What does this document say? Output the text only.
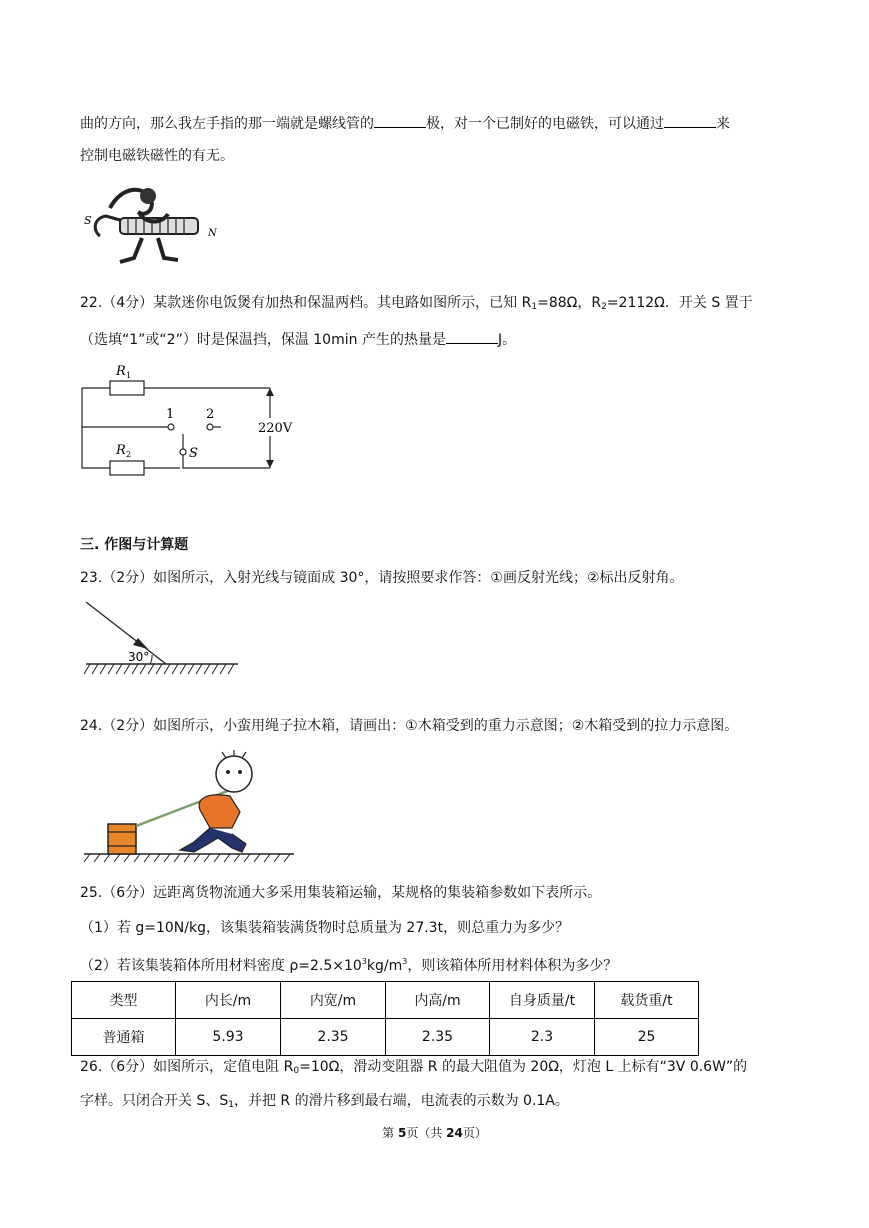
曲的方向，那么我左手指的那一端就是螺线管的	极，对一个已制好的电磁铁，可以通过	来
控制电磁铁磁性的有无。
S
N
22.（4分）某款迷你电饭煲有加热和保温两档。其电路如图所示，已知 $R_1=88\Omega$，$R_2=2112\Omega$．开关 S 置于
（选填“1”或“2”）时是保温挡，保温 10min 产生的热量是	J。
R 1
R 2
1 2
S
220V
三. 作图与计算题
23.（2分）如图所示，入射光线与镜面成 30°，请按照要求作答：①画反射光线；②标出反射角。
30°
24.（2分）如图所示，小蛮用绳子拉木箱，请画出：①木箱受到的重力示意图；②木箱受到的拉力示意图。
25.（6分）远距离货物流通大多采用集装箱运输，某规格的集装箱参数如下表所示。
（1）若 g=10N/kg，该集装箱装满货物时总质量为 27.3t，则总重力为多少？
（2）若该集装箱体所用材料密度 $\rho=2.5\times 10^3kg/m^3$，则该箱体所用材料体积为多少？
类型	内长/m	内宽/m	内高/m	自身质量/t	载货重/t
普通箱	5.93	2.35	2.35	2.3	25
26.（6分）如图所示，定值电阻 $R_0=10\Omega$，滑动变阻器 R 的最大阻值为 20Ω，灯泡 L 上标有“3V 0.6W”的
字样。只闭合开关 S、$S_1$，并把 R 的滑片移到最右端，电流表的示数为 0.1A。
第 5页（共 24页）
